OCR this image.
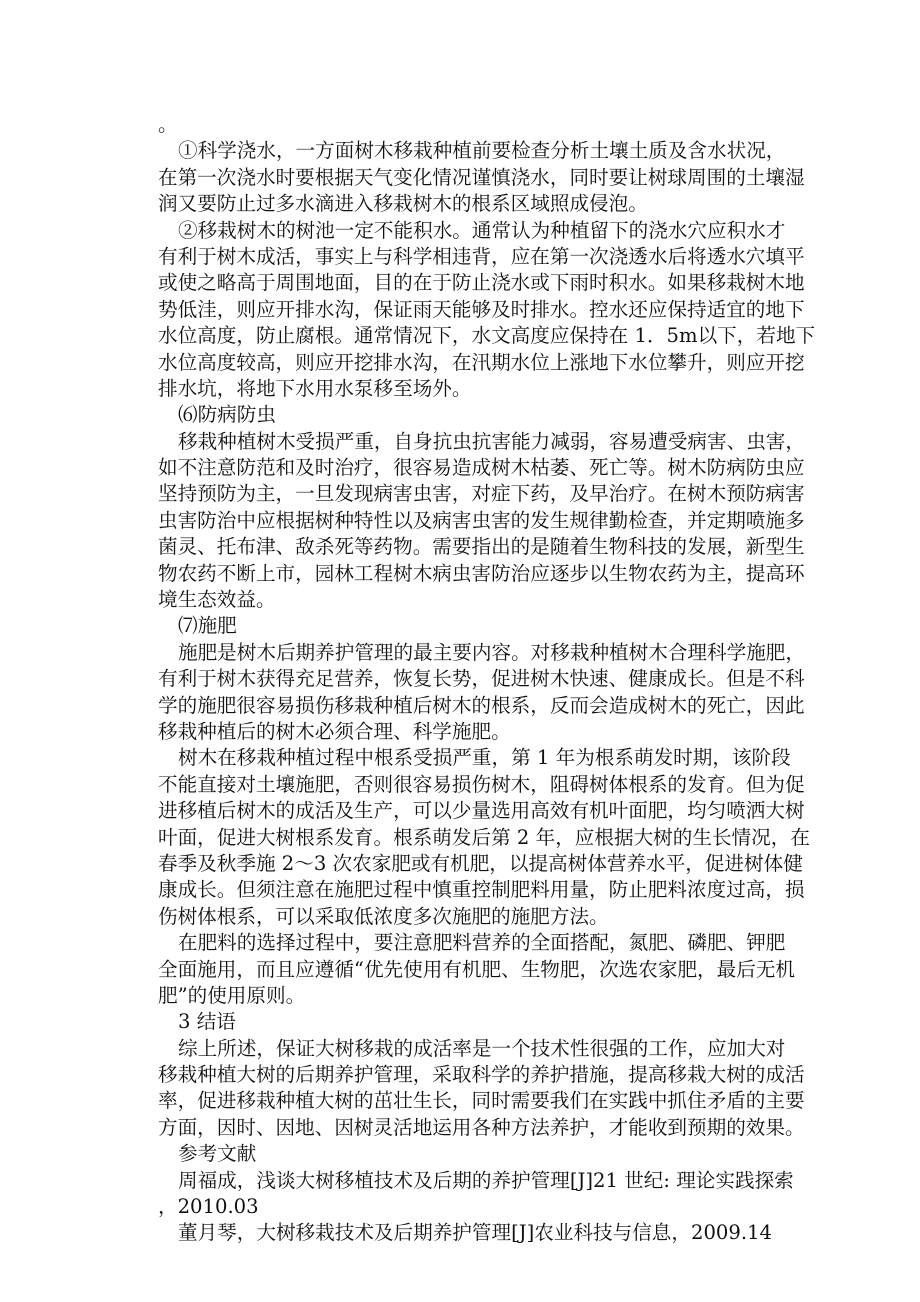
。
①科学浇水，一方面树木移栽种植前要检查分析土壤土质及含水状况，
在第一次浇水时要根据天气变化情况谨慎浇水，同时要让树球周围的土壤湿
润又要防止过多水滴进入移栽树木的根系区域照成侵泡。
②移栽树木的树池一定不能积水。通常认为种植留下的浇水穴应积水才
有利于树木成活，事实上与科学相违背，应在第一次浇透水后将透水穴填平
或使之略高于周围地面，目的在于防止浇水或下雨时积水。如果移栽树木地
势低洼，则应开排水沟，保证雨天能够及时排水。控水还应保持适宜的地下
水位高度，防止腐根。通常情况下，水文高度应保持在 1．5m以下，若地下
水位高度较高，则应开挖排水沟，在汛期水位上涨地下水位攀升，则应开挖
排水坑，将地下水用水泵移至场外。
⑹防病防虫
移栽种植树木受损严重，自身抗虫抗害能力减弱，容易遭受病害、虫害，
如不注意防范和及时治疗，很容易造成树木枯萎、死亡等。树木防病防虫应
坚持预防为主，一旦发现病害虫害，对症下药，及早治疗。在树木预防病害
虫害防治中应根据树种特性以及病害虫害的发生规律勤检查，并定期喷施多
菌灵、托布津、敌杀死等药物。需要指出的是随着生物科技的发展，新型生
物农药不断上市，园林工程树木病虫害防治应逐步以生物农药为主，提高环
境生态效益。
⑺施肥
施肥是树木后期养护管理的最主要内容。对移栽种植树木合理科学施肥，
有利于树木获得充足营养，恢复长势，促进树木快速、健康成长。但是不科
学的施肥很容易损伤移栽种植后树木的根系，反而会造成树木的死亡，因此
移栽种植后的树木必须合理、科学施肥。
树木在移栽种植过程中根系受损严重，第 1 年为根系萌发时期，该阶段
不能直接对土壤施肥，否则很容易损伤树木，阻碍树体根系的发育。但为促
进移植后树木的成活及生产，可以少量选用高效有机叶面肥，均匀喷洒大树
叶面，促进大树根系发育。根系萌发后第 2 年，应根据大树的生长情况，在
春季及秋季施 2～3 次农家肥或有机肥，以提高树体营养水平，促进树体健
康成长。但须注意在施肥过程中慎重控制肥料用量，防止肥料浓度过高，损
伤树体根系，可以采取低浓度多次施肥的施肥方法。
在肥料的选择过程中，要注意肥料营养的全面搭配，氮肥、磷肥、钾肥
全面施用，而且应遵循“优先使用有机肥、生物肥，次选农家肥，最后无机
肥”的使用原则。
3 结语
综上所述，保证大树移栽的成活率是一个技术性很强的工作，应加大对
移栽种植大树的后期养护管理，采取科学的养护措施，提高移栽大树的成活
率，促进移栽种植大树的茁壮生长，同时需要我们在实践中抓住矛盾的主要
方面，因时、因地、因树灵活地运用各种方法养护，才能收到预期的效果。
参考文献
周福成，浅谈大树移植技术及后期的养护管理[J]21 世纪: 理论实践探索
，2010.03
董月琴，大树移栽技术及后期养护管理[J]农业科技与信息，2009.14
